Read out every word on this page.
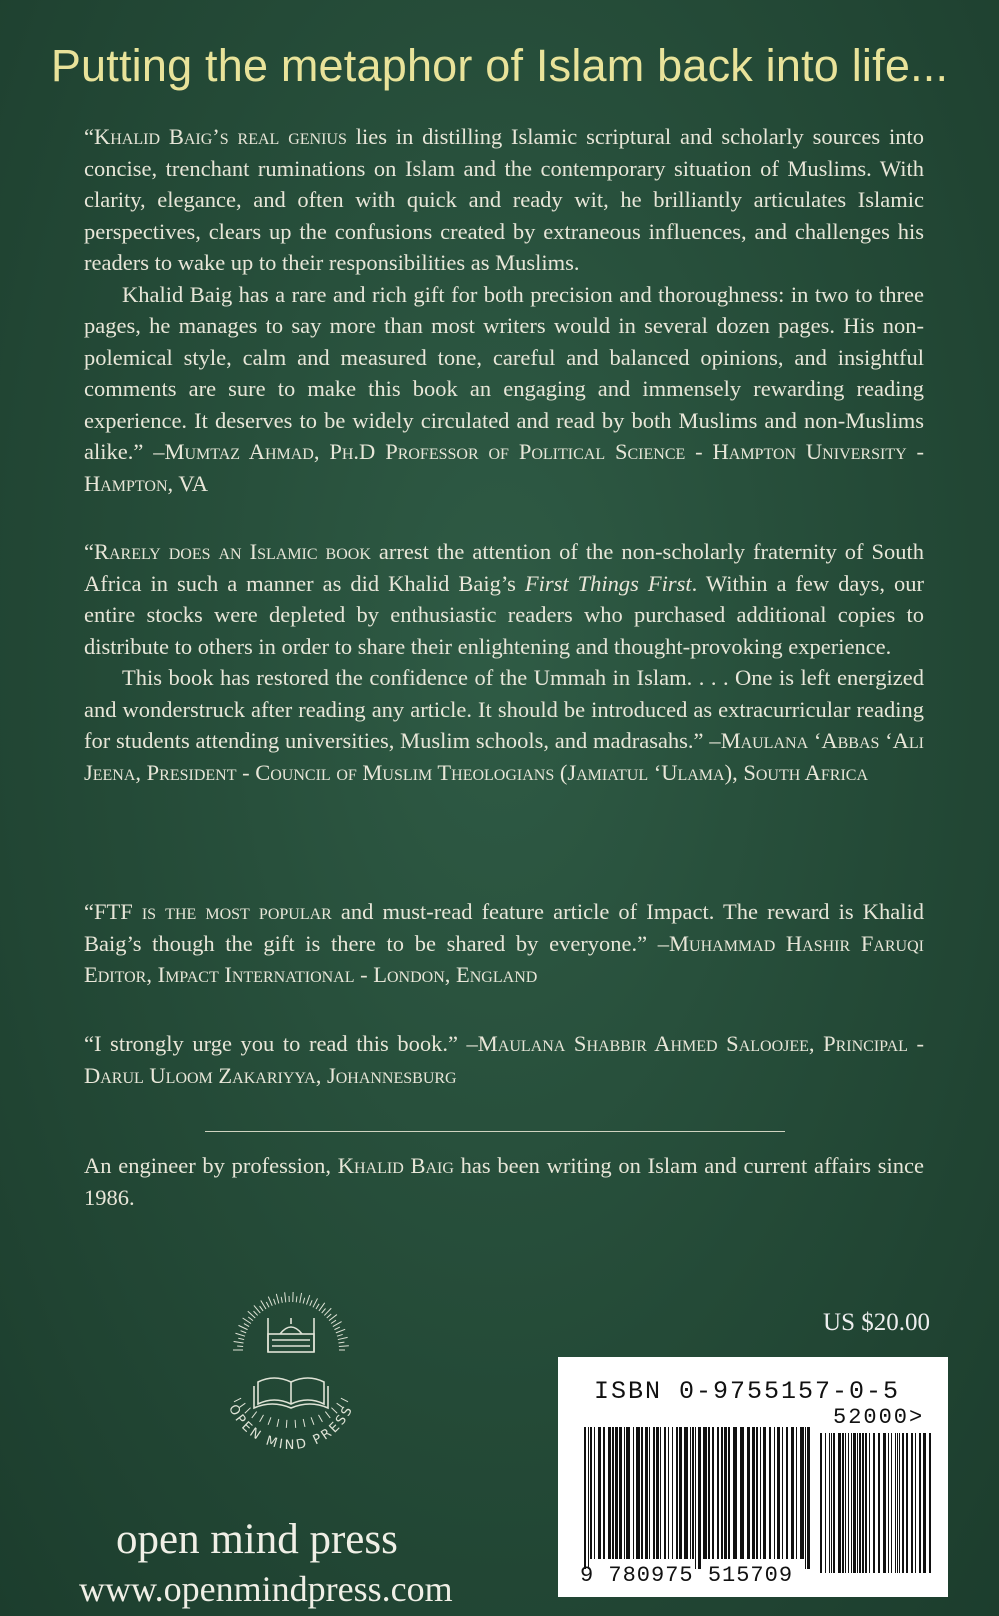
Putting the metaphor of Islam back into life...

“Khalid Baig’s real genius lies in distilling Islamic scriptural and scholarly sources into concise, trenchant ruminations on Islam and the contemporary situation of Muslims. With clarity, elegance, and often with quick and ready wit, he brilliantly articulates Islamic perspectives, clears up the confusions created by extraneous influences, and challenges his readers to wake up to their responsibilities as Muslims.

Khalid Baig has a rare and rich gift for both precision and thoroughness: in two to three pages, he manages to say more than most writers would in several dozen pages. His non-polemical style, calm and measured tone, careful and balanced opinions, and insightful comments are sure to make this book an engaging and immensely rewarding reading experience. It deserves to be widely circulated and read by both Muslims and non-Muslims alike.” –Mumtaz Ahmad, Ph.D Professor of Political Science - Hampton University - Hampton, VA

“Rarely does an Islamic book arrest the attention of the non-scholarly fraternity of South Africa in such a manner as did Khalid Baig’s First Things First. Within a few days, our entire stocks were depleted by enthusiastic readers who purchased additional copies to distribute to others in order to share their enlightening and thought-provoking experience.

This book has restored the confidence of the Ummah in Islam. . . . One is left energized and wonderstruck after reading any article. It should be introduced as extracurricular reading for students attending universities, Muslim schools, and madrasahs.” –Maulana ‘Abbas ‘Ali Jeena, President - Council of Muslim Theologians (Jamiatul ‘Ulama), South Africa

“FTF is the most popular and must-read feature article of Impact. The reward is Khalid Baig’s though the gift is there to be shared by everyone.” –Muhammad Hashir Faruqi Editor, Impact International - London, England

“I strongly urge you to read this book.” –Maulana Shabbir Ahmed Saloojee, Principal - Darul Uloom Zakariyya, Johannesburg

An engineer by profession, Khalid Baig has been writing on Islam and current affairs since 1986.
OPEN MIND PRESS
open mind press
www.openmindpress.com
US $20.00
ISBN 0-9755157-0-5
52000>
9 780975 515709
